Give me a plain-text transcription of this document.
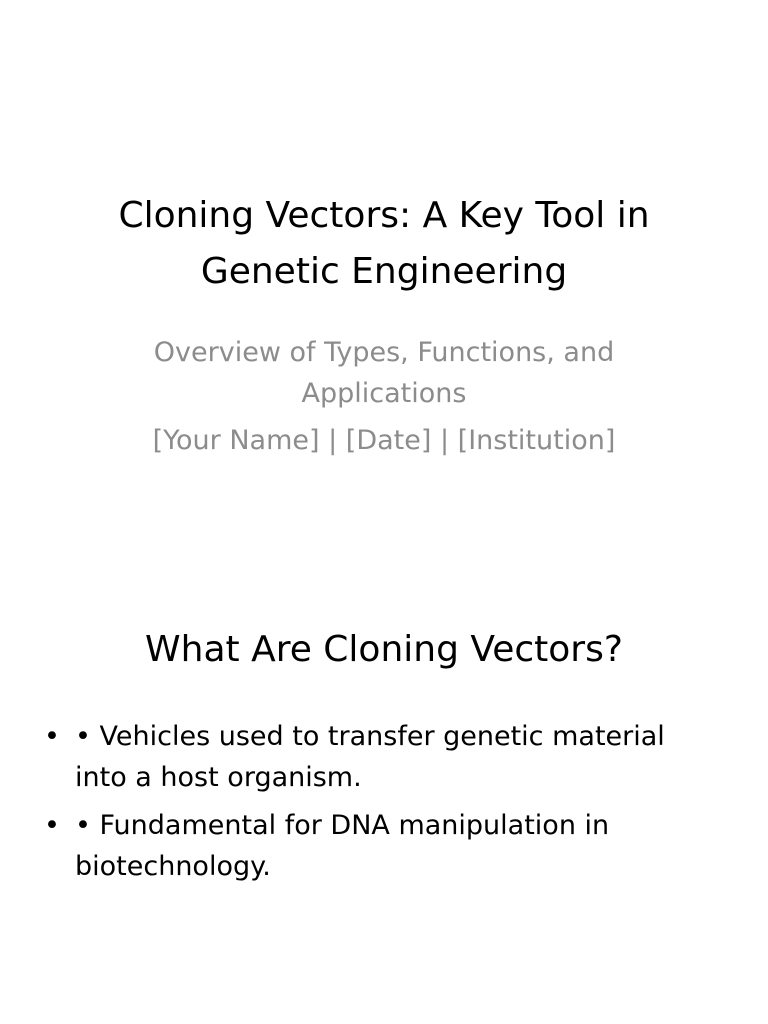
Cloning Vectors: A Key Tool in
Genetic Engineering

Overview of Types, Functions, and Applications

[Your Name] | [Date] | [Institution]

What Are Cloning Vectors?
• • Vehicles used to transfer genetic material into a host organism.
• • Fundamental for DNA manipulation in biotechnology.
